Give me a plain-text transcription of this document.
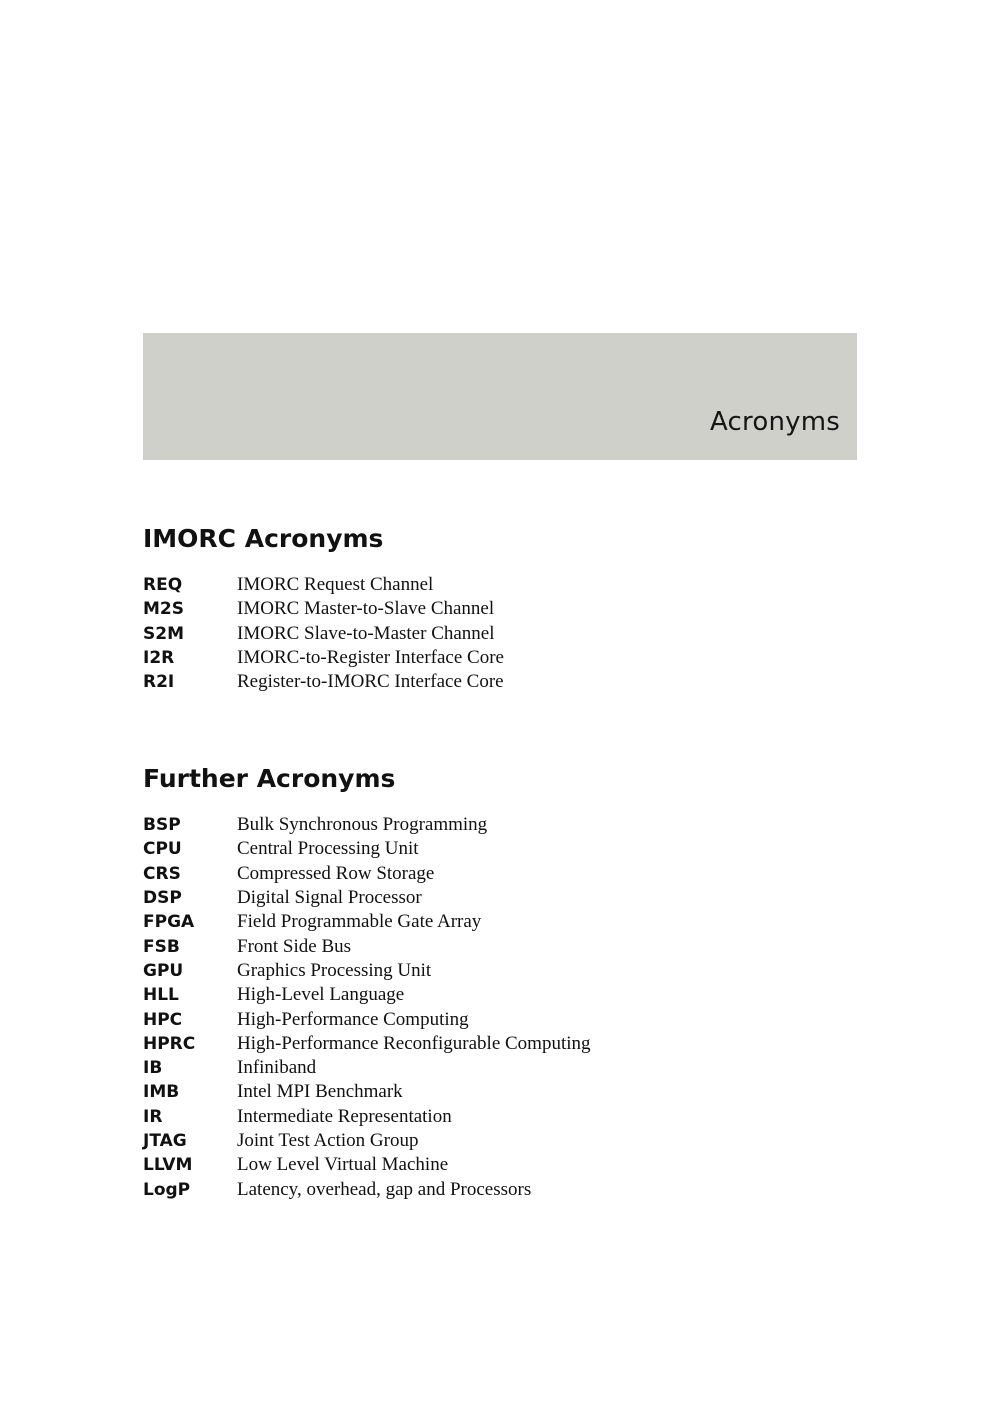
Acronyms
IMORC Acronyms
REQ	IMORC Request Channel
M2S	IMORC Master-to-Slave Channel
S2M	IMORC Slave-to-Master Channel
I2R	IMORC-to-Register Interface Core
R2I	Register-to-IMORC Interface Core
Further Acronyms
BSP	Bulk Synchronous Programming
CPU	Central Processing Unit
CRS	Compressed Row Storage
DSP	Digital Signal Processor
FPGA	Field Programmable Gate Array
FSB	Front Side Bus
GPU	Graphics Processing Unit
HLL	High-Level Language
HPC	High-Performance Computing
HPRC	High-Performance Reconfigurable Computing
IB	Infiniband
IMB	Intel MPI Benchmark
IR	Intermediate Representation
JTAG	Joint Test Action Group
LLVM	Low Level Virtual Machine
LogP	Latency, overhead, gap and Processors
